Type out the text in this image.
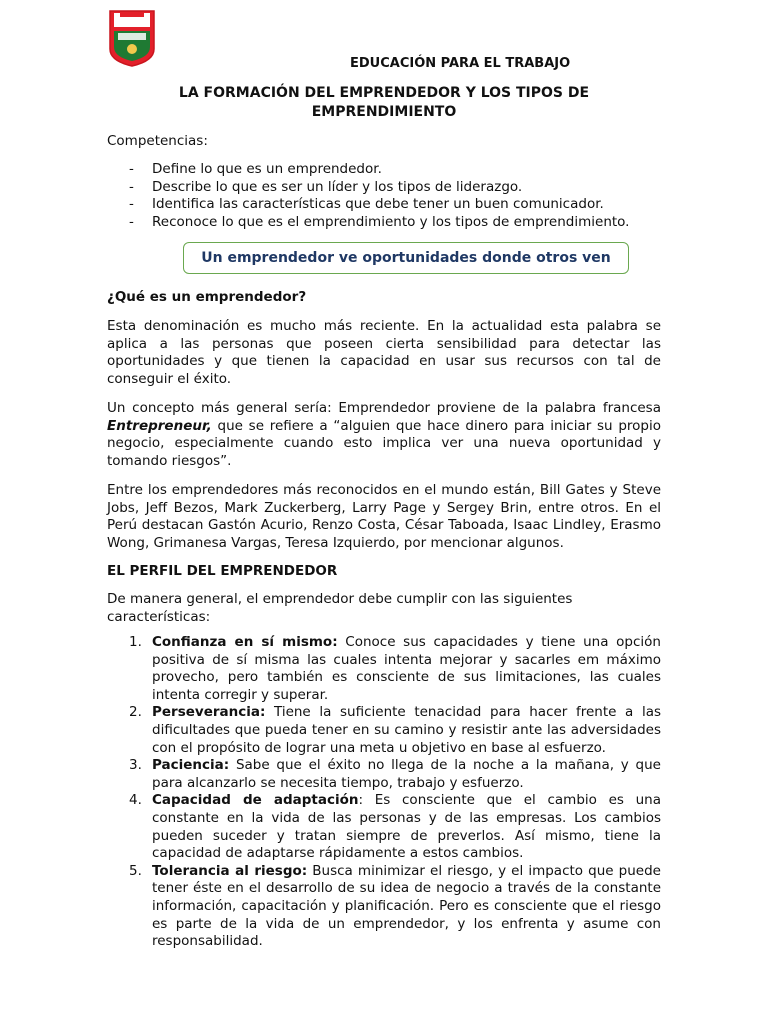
EDUCACIÓN PARA EL TRABAJO
LA FORMACIÓN DEL EMPRENDEDOR Y LOS TIPOS DE
EMPRENDIMIENTO
Competencias:
- Define lo que es un emprendedor.
- Describe lo que es ser un líder y los tipos de liderazgo.
- Identifica las características que debe tener un buen comunicador.
- Reconoce lo que es el emprendimiento y los tipos de emprendimiento.
Un emprendedor ve oportunidades donde otros ven
¿Qué es un emprendedor?
Esta denominación es mucho más reciente. En la actualidad esta palabra se aplica a las personas que poseen cierta sensibilidad para detectar las oportunidades y que tienen la capacidad en usar sus recursos con tal de conseguir el éxito.
Un concepto más general sería: Emprendedor proviene de la palabra francesa Entrepreneur, que se refiere a “alguien que hace dinero para iniciar su propio negocio, especialmente cuando esto implica ver una nueva oportunidad y tomando riesgos”.
Entre los emprendedores más reconocidos en el mundo están, Bill Gates y Steve Jobs, Jeff Bezos, Mark Zuckerberg, Larry Page y Sergey Brin, entre otros. En el Perú destacan Gastón Acurio, Renzo Costa, César Taboada, Isaac Lindley, Erasmo Wong, Grimanesa Vargas, Teresa Izquierdo, por mencionar algunos.
EL PERFIL DEL EMPRENDEDOR
De manera general, el emprendedor debe cumplir con las siguientes características:
1. Confianza en sí mismo: Conoce sus capacidades y tiene una opción positiva de sí misma las cuales intenta mejorar y sacarles em máximo provecho, pero también es consciente de sus limitaciones, las cuales intenta corregir y superar.
2. Perseverancia: Tiene la suficiente tenacidad para hacer frente a las dificultades que pueda tener en su camino y resistir ante las adversidades con el propósito de lograr una meta u objetivo en base al esfuerzo.
3. Paciencia: Sabe que el éxito no llega de la noche a la mañana, y que para alcanzarlo se necesita tiempo, trabajo y esfuerzo.
4. Capacidad de adaptación: Es consciente que el cambio es una constante en la vida de las personas y de las empresas. Los cambios pueden suceder y tratan siempre de preverlos. Así mismo, tiene la capacidad de adaptarse rápidamente a estos cambios.
5. Tolerancia al riesgo: Busca minimizar el riesgo, y el impacto que puede tener éste en el desarrollo de su idea de negocio a través de la constante información, capacitación y planificación. Pero es consciente que el riesgo es parte de la vida de un emprendedor, y los enfrenta y asume con responsabilidad.
